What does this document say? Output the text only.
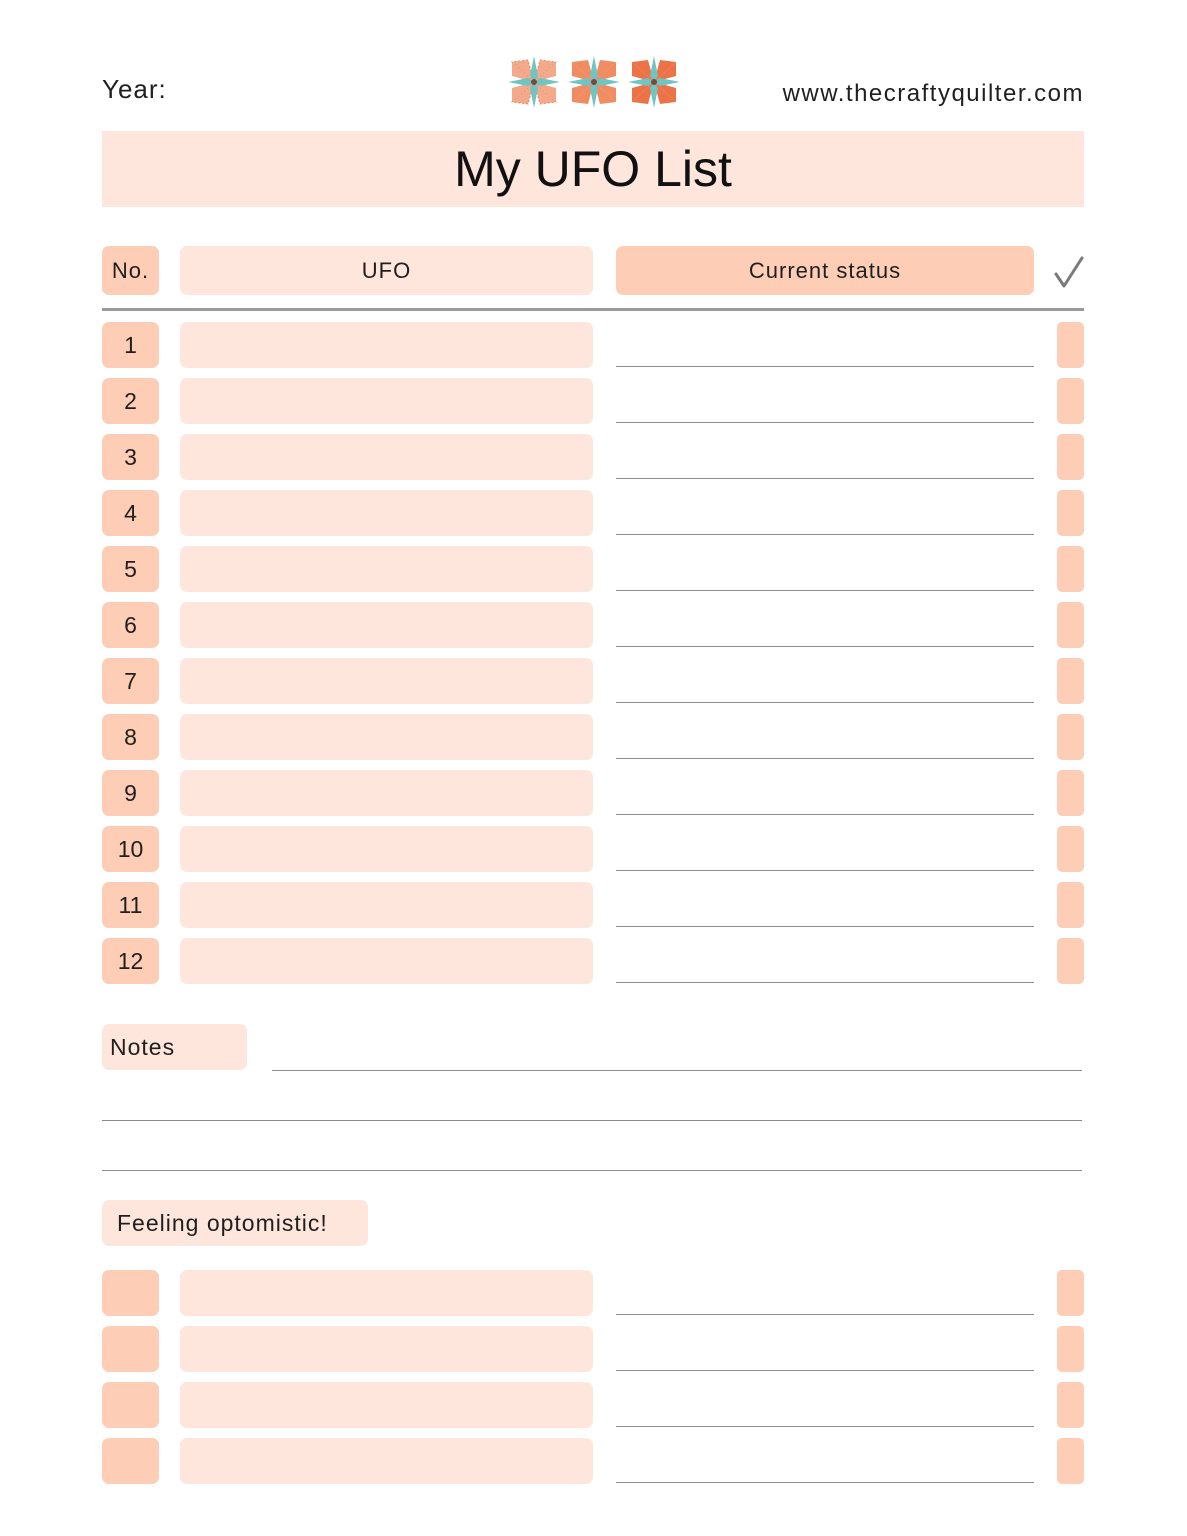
Year:	www.thecraftyquilter.com
My UFO List
No.	UFO	Current status
1
2
3
4
5
6
7
8
9
10
11
12
Notes
Feeling optomistic!
